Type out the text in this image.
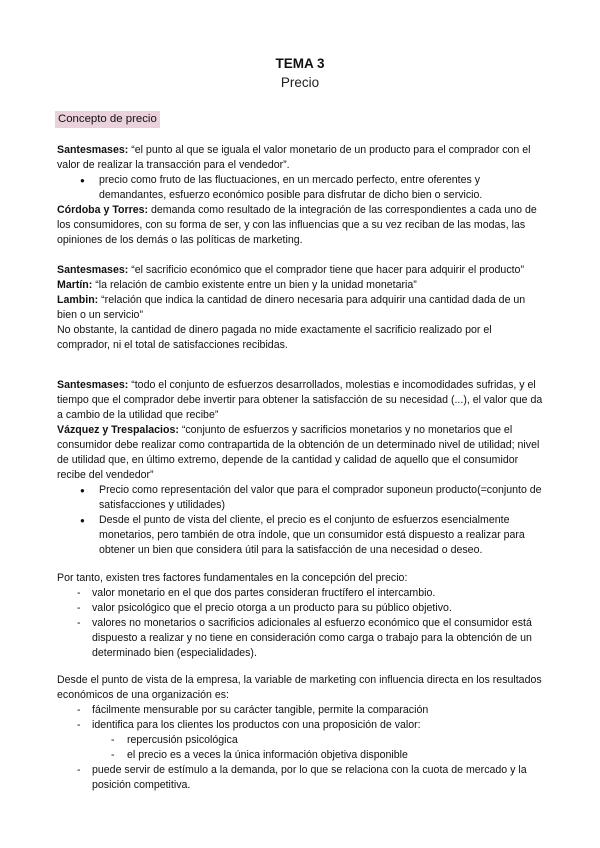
TEMA 3
Precio
Concepto de precio

Santesmases: “el punto al que se iguala el valor monetario de un producto para el comprador con el valor de realizar la transacción para el vendedor”.

● precio como fruto de las fluctuaciones, en un mercado perfecto, entre oferentes y demandantes, esfuerzo económico posible para disfrutar de dicho bien o servicio.

Córdoba y Torres: demanda como resultado de la integración de las correspondientes a cada uno de los consumidores, con su forma de ser, y con las influencias que a su vez reciban de las modas, las opiniones de los demás o las políticas de marketing.

Santesmases: “el sacrificio económico que el comprador tiene que hacer para adquirir el producto”

Martín: “la relación de cambio existente entre un bien y la unidad monetaria”

Lambin: “relación que indica la cantidad de dinero necesaria para adquirir una cantidad dada de un bien o un servicio”

No obstante, la cantidad de dinero pagada no mide exactamente el sacrificio realizado por el comprador, ni el total de satisfacciones recibidas.

Santesmases: “todo el conjunto de esfuerzos desarrollados, molestias e incomodidades sufridas, y el tiempo que el comprador debe invertir para obtener la satisfacción de su necesidad (...), el valor que da a cambio de la utilidad que recibe”

Vázquez y Trespalacios: “conjunto de esfuerzos y sacrificios monetarios y no monetarios que el consumidor debe realizar como contrapartida de la obtención de un determinado nivel de utilidad; nivel de utilidad que, en último extremo, depende de la cantidad y calidad de aquello que el consumidor recibe del vendedor”

● Precio como representación del valor que para el comprador suponeun producto(=conjunto de satisfacciones y utilidades)
● Desde el punto de vista del cliente, el precio es el conjunto de esfuerzos esencialmente monetarios, pero también de otra índole, que un consumidor está dispuesto a realizar para obtener un bien que considera útil para la satisfacción de una necesidad o deseo.

Por tanto, existen tres factores fundamentales en la concepción del precio:

- valor monetario en el que dos partes consideran fructífero el intercambio.
- valor psicológico que el precio otorga a un producto para su público objetivo.
- valores no monetarios o sacrificios adicionales al esfuerzo económico que el consumidor está dispuesto a realizar y no tiene en consideración como carga o trabajo para la obtención de un determinado bien (especialidades).

Desde el punto de vista de la empresa, la variable de marketing con influencia directa en los resultados económicos de una organización es:

- fácilmente mensurable por su carácter tangible, permite la comparación
- identifica para los clientes los productos con una proposición de valor:
- repercusión psicológica
- el precio es a veces la única información objetiva disponible
- puede servir de estímulo a la demanda, por lo que se relaciona con la cuota de mercado y la posición competitiva.
